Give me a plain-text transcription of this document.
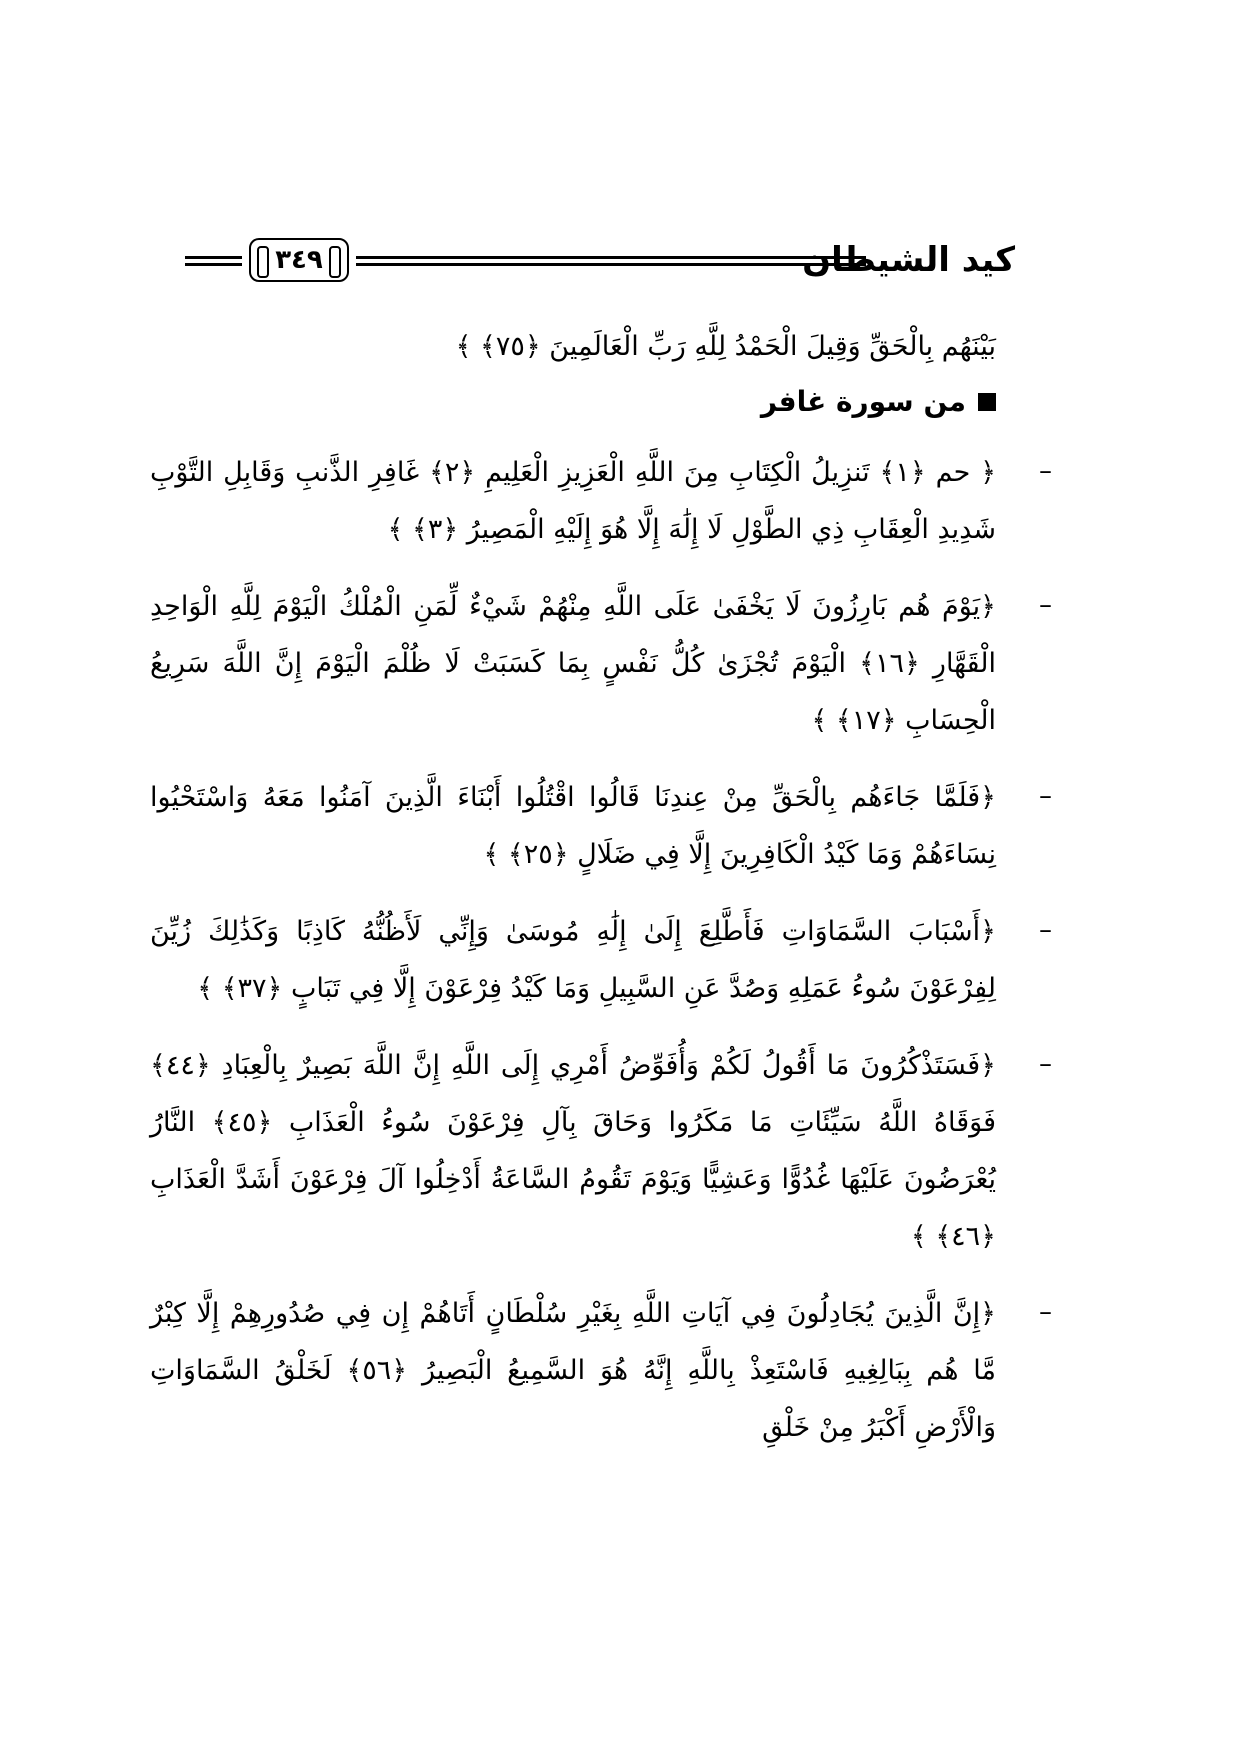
٣٤٩	كيد الشيطان
بَيْنَهُم بِالْحَقِّ وَقِيلَ الْحَمْدُ لِلَّهِ رَبِّ الْعَالَمِينَ ﴿٧٥﴾ ﴾
من سورة غافر
–
﴿ حم ﴿١﴾ تَنزِيلُ الْكِتَابِ مِنَ اللَّهِ الْعَزِيزِ الْعَلِيمِ ﴿٢﴾ غَافِرِ الذَّنبِ وَقَابِلِ التَّوْبِ شَدِيدِ الْعِقَابِ ذِي الطَّوْلِ لَا إِلَٰهَ إِلَّا هُوَ إِلَيْهِ الْمَصِيرُ ﴿٣﴾ ﴾
–
﴿يَوْمَ هُم بَارِزُونَ لَا يَخْفَىٰ عَلَى اللَّهِ مِنْهُمْ شَيْءٌ لِّمَنِ الْمُلْكُ الْيَوْمَ لِلَّهِ الْوَاحِدِ الْقَهَّارِ ﴿١٦﴾ الْيَوْمَ تُجْزَىٰ كُلُّ نَفْسٍ بِمَا كَسَبَتْ لَا ظُلْمَ الْيَوْمَ إِنَّ اللَّهَ سَرِيعُ الْحِسَابِ ﴿١٧﴾ ﴾
–
﴿فَلَمَّا جَاءَهُم بِالْحَقِّ مِنْ عِندِنَا قَالُوا اقْتُلُوا أَبْنَاءَ الَّذِينَ آمَنُوا مَعَهُ وَاسْتَحْيُوا نِسَاءَهُمْ وَمَا كَيْدُ الْكَافِرِينَ إِلَّا فِي ضَلَالٍ ﴿٢٥﴾ ﴾
–
﴿أَسْبَابَ السَّمَاوَاتِ فَأَطَّلِعَ إِلَىٰ إِلَٰهِ مُوسَىٰ وَإِنِّي لَأَظُنُّهُ كَاذِبًا وَكَذَٰلِكَ زُيِّنَ لِفِرْعَوْنَ سُوءُ عَمَلِهِ وَصُدَّ عَنِ السَّبِيلِ وَمَا كَيْدُ فِرْعَوْنَ إِلَّا فِي تَبَابٍ ﴿٣٧﴾ ﴾
–
﴿فَسَتَذْكُرُونَ مَا أَقُولُ لَكُمْ وَأُفَوِّضُ أَمْرِي إِلَى اللَّهِ إِنَّ اللَّهَ بَصِيرٌ بِالْعِبَادِ ﴿٤٤﴾ فَوَقَاهُ اللَّهُ سَيِّئَاتِ مَا مَكَرُوا وَحَاقَ بِآلِ فِرْعَوْنَ سُوءُ الْعَذَابِ ﴿٤٥﴾ النَّارُ يُعْرَضُونَ عَلَيْهَا غُدُوًّا وَعَشِيًّا وَيَوْمَ تَقُومُ السَّاعَةُ أَدْخِلُوا آلَ فِرْعَوْنَ أَشَدَّ الْعَذَابِ ﴿٤٦﴾ ﴾
–
﴿إِنَّ الَّذِينَ يُجَادِلُونَ فِي آيَاتِ اللَّهِ بِغَيْرِ سُلْطَانٍ أَتَاهُمْ إِن فِي صُدُورِهِمْ إِلَّا كِبْرٌ مَّا هُم بِبَالِغِيهِ فَاسْتَعِذْ بِاللَّهِ إِنَّهُ هُوَ السَّمِيعُ الْبَصِيرُ ﴿٥٦﴾ لَخَلْقُ السَّمَاوَاتِ وَالْأَرْضِ أَكْبَرُ مِنْ خَلْقِ
